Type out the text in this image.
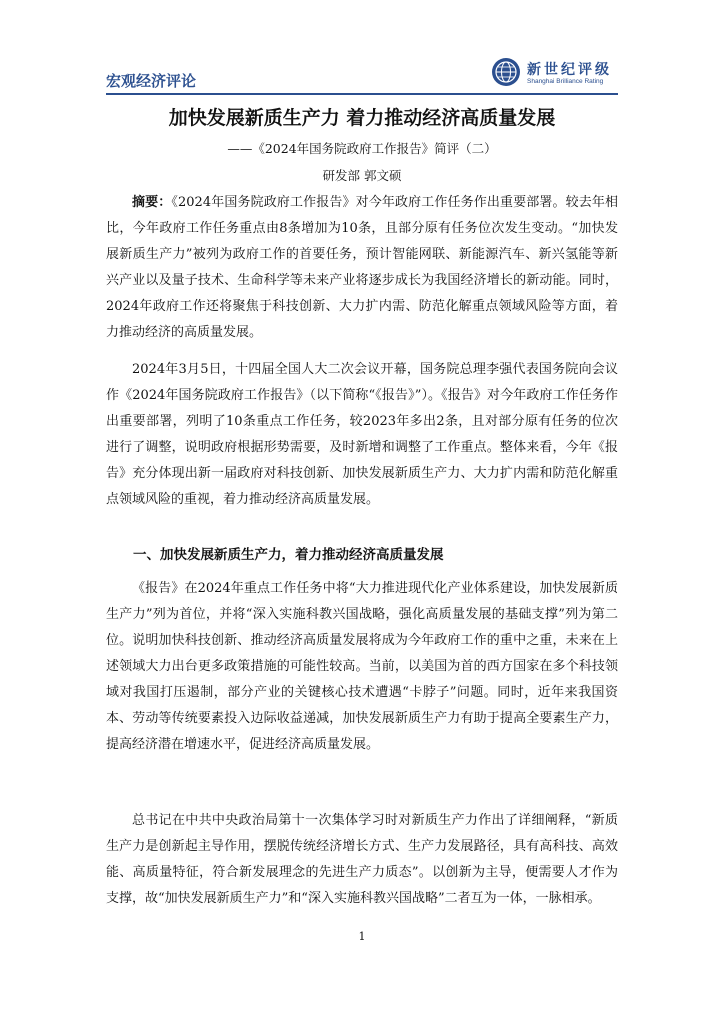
宏观经济评论
新世纪评级
Shanghai Brilliance Rating
加快发展新质生产力 着力推动经济高质量发展
——《2024年国务院政府工作报告》简评（二）
研发部 郭文硕

摘要：《2024年国务院政府工作报告》对今年政府工作任务作出重要部署。较去年相比，今年政府工作任务重点由8条增加为10条，且部分原有任务位次发生变动。“加快发展新质生产力”被列为政府工作的首要任务，预计智能网联、新能源汽车、新兴氢能等新兴产业以及量子技术、生命科学等未来产业将逐步成长为我国经济增长的新动能。同时，2024年政府工作还将聚焦于科技创新、大力扩内需、防范化解重点领域风险等方面，着力推动经济的高质量发展。

2024年3月5日，十四届全国人大二次会议开幕，国务院总理李强代表国务院向会议作《2024年国务院政府工作报告》（以下简称“《报告》”）。《报告》对今年政府工作任务作出重要部署，列明了10条重点工作任务，较2023年多出2条，且对部分原有任务的位次进行了调整，说明政府根据形势需要，及时新增和调整了工作重点。整体来看，今年《报告》充分体现出新一届政府对科技创新、加快发展新质生产力、大力扩内需和防范化解重点领域风险的重视，着力推动经济高质量发展。

一、加快发展新质生产力，着力推动经济高质量发展

《报告》在2024年重点工作任务中将“大力推进现代化产业体系建设，加快发展新质生产力”列为首位，并将“深入实施科教兴国战略，强化高质量发展的基础支撑”列为第二位。说明加快科技创新、推动经济高质量发展将成为今年政府工作的重中之重，未来在上述领域大力出台更多政策措施的可能性较高。当前，以美国为首的西方国家在多个科技领域对我国打压遏制，部分产业的关键核心技术遭遇“卡脖子”问题。同时，近年来我国资本、劳动等传统要素投入边际收益递减，加快发展新质生产力有助于提高全要素生产力，提高经济潜在增速水平，促进经济高质量发展。

总书记在中共中央政治局第十一次集体学习时对新质生产力作出了详细阐释，“新质生产力是创新起主导作用，摆脱传统经济增长方式、生产力发展路径，具有高科技、高效能、高质量特征，符合新发展理念的先进生产力质态”。以创新为主导，便需要人才作为支撑，故“加快发展新质生产力”和“深入实施科教兴国战略”二者互为一体，一脉相承。

1
